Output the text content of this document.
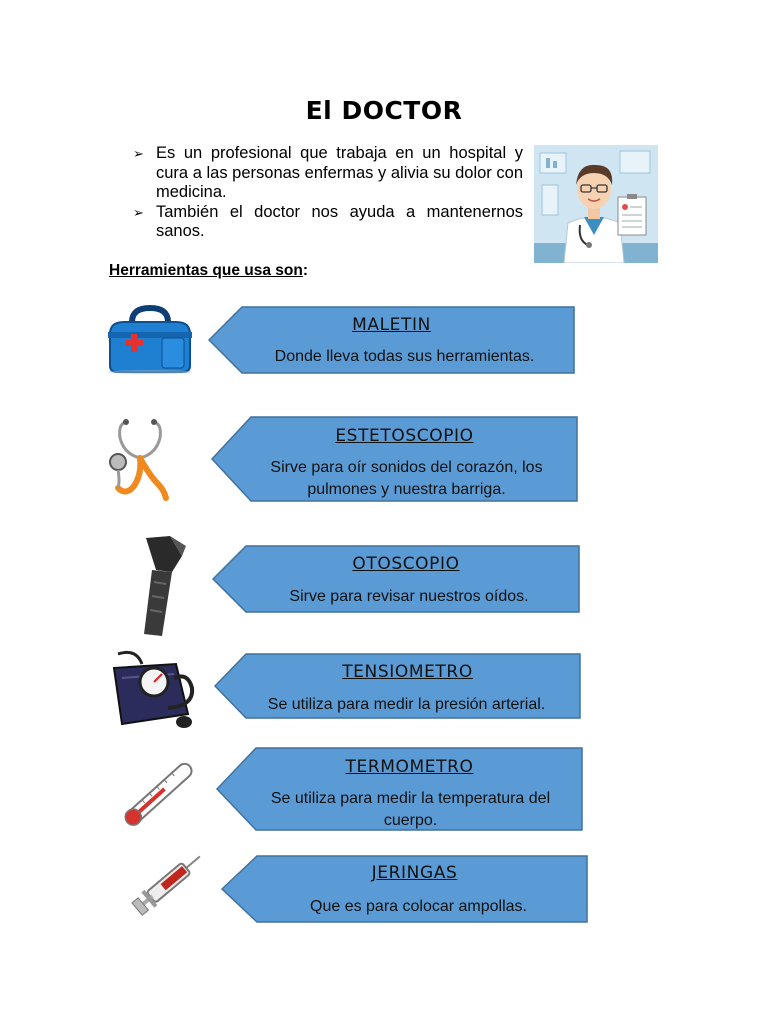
El DOCTOR
➢ Es un profesional que trabaja en un hospital y cura a las personas enfermas y alivia su dolor con medicina.
➢ También el doctor nos ayuda a mantenernos sanos.
Herramientas que usa son:
MALETIN
Donde lleva todas sus herramientas.
ESTETOSCOPIO
Sirve para oír sonidos del corazón, los pulmones y nuestra barriga.
OTOSCOPIO
Sirve para revisar nuestros oídos.
TENSIOMETRO
Se utiliza para medir la presión arterial.
TERMOMETRO
Se utiliza para medir la temperatura del cuerpo.
JERINGAS
Que es para colocar ampollas.
